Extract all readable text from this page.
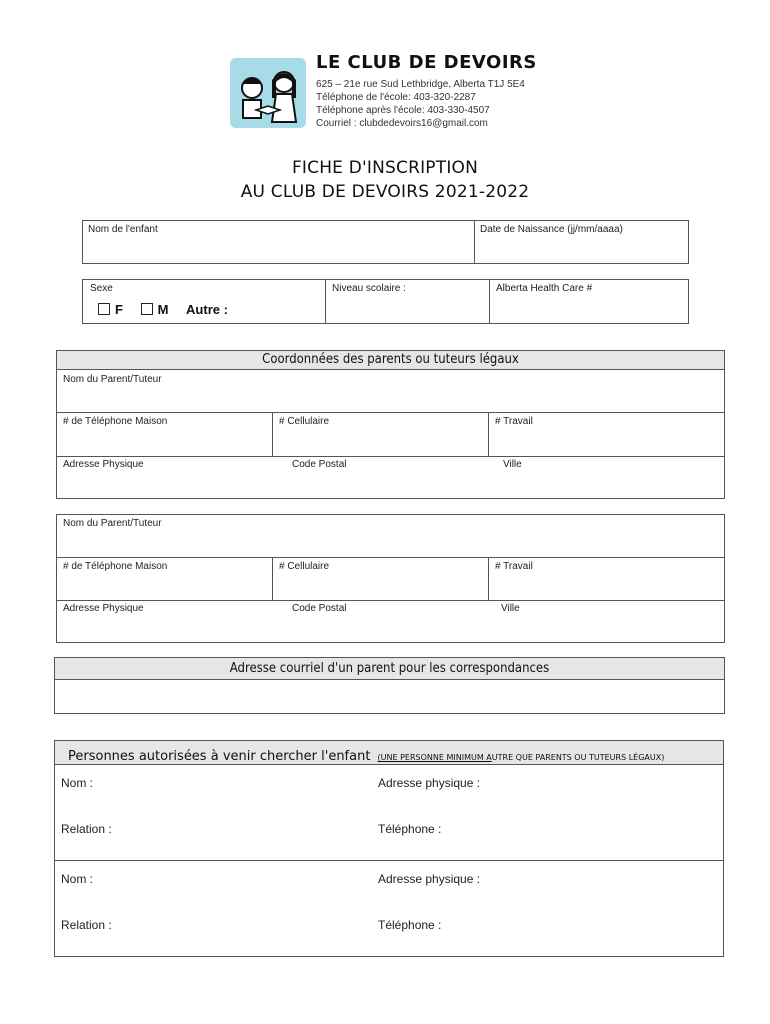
LE CLUB DE DEVOIRS
625 – 21e rue Sud Lethbridge, Alberta T1J 5E4
Téléphone de l'école: 403-320-2287
Téléphone après l'école: 403-330-4507
Courriel : clubdedevoirs16@gmail.com
FICHE D'INSCRIPTION
AU CLUB DE DEVOIRS 2021-2022
Nom de l'enfant	Date de Naissance (jj/mm/aaaa)
Sexe
F	M Autre :
Niveau scolaire :	Alberta Health Care #
Coordonnées des parents ou tuteurs légaux
Nom du Parent/Tuteur
# de Téléphone Maison	# Cellulaire	# Travail
Adresse Physique	Code Postal	Ville
Nom du Parent/Tuteur
# de Téléphone Maison	# Cellulaire	# Travail
Adresse Physique	Code Postal	Ville
Adresse courriel d'un parent pour les correspondances
Personnes autorisées à venir chercher l'enfant (UNE PERSONNE MINIMUM AUTRE QUE PARENTS OU TUTEURS LÉGAUX)
Nom :	Adresse physique :
Relation :	Téléphone :
Nom :	Adresse physique :
Relation :	Téléphone :
